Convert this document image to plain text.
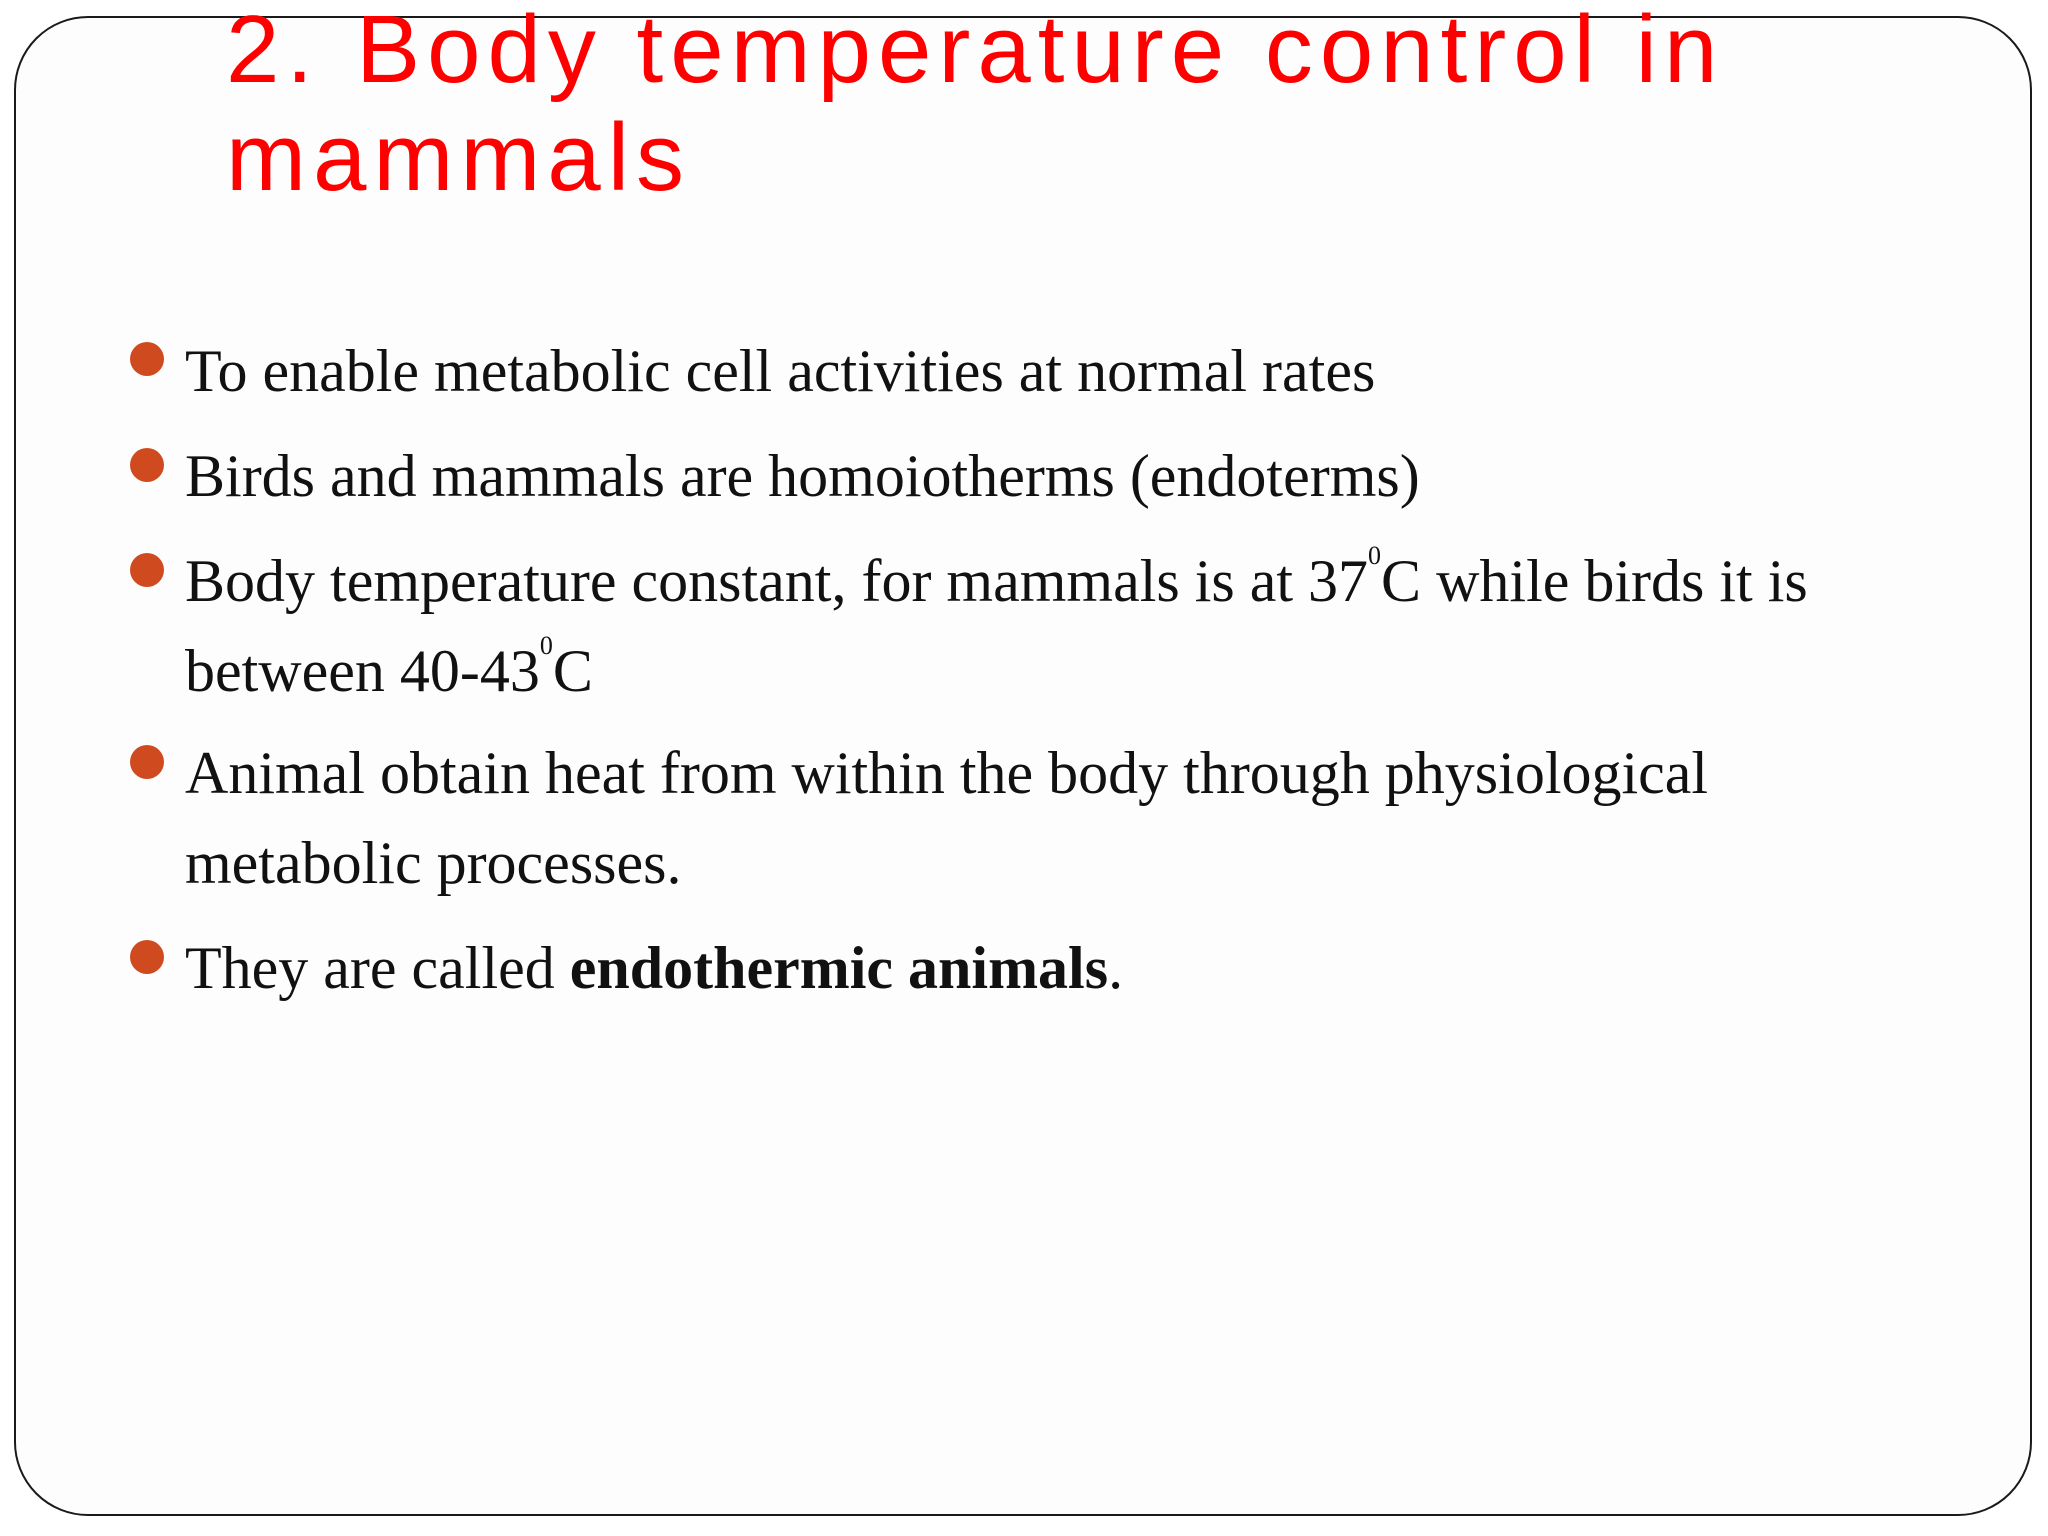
2. Body temperature control in mammals
To enable metabolic cell activities at normal rates
Birds and mammals are homoiotherms (endoterms)
Body temperature constant, for mammals is at $37^0C$ while birds it is between $40-43^0C$
Animal obtain heat from within the body through physiological metabolic processes.
They are called endothermic animals.
